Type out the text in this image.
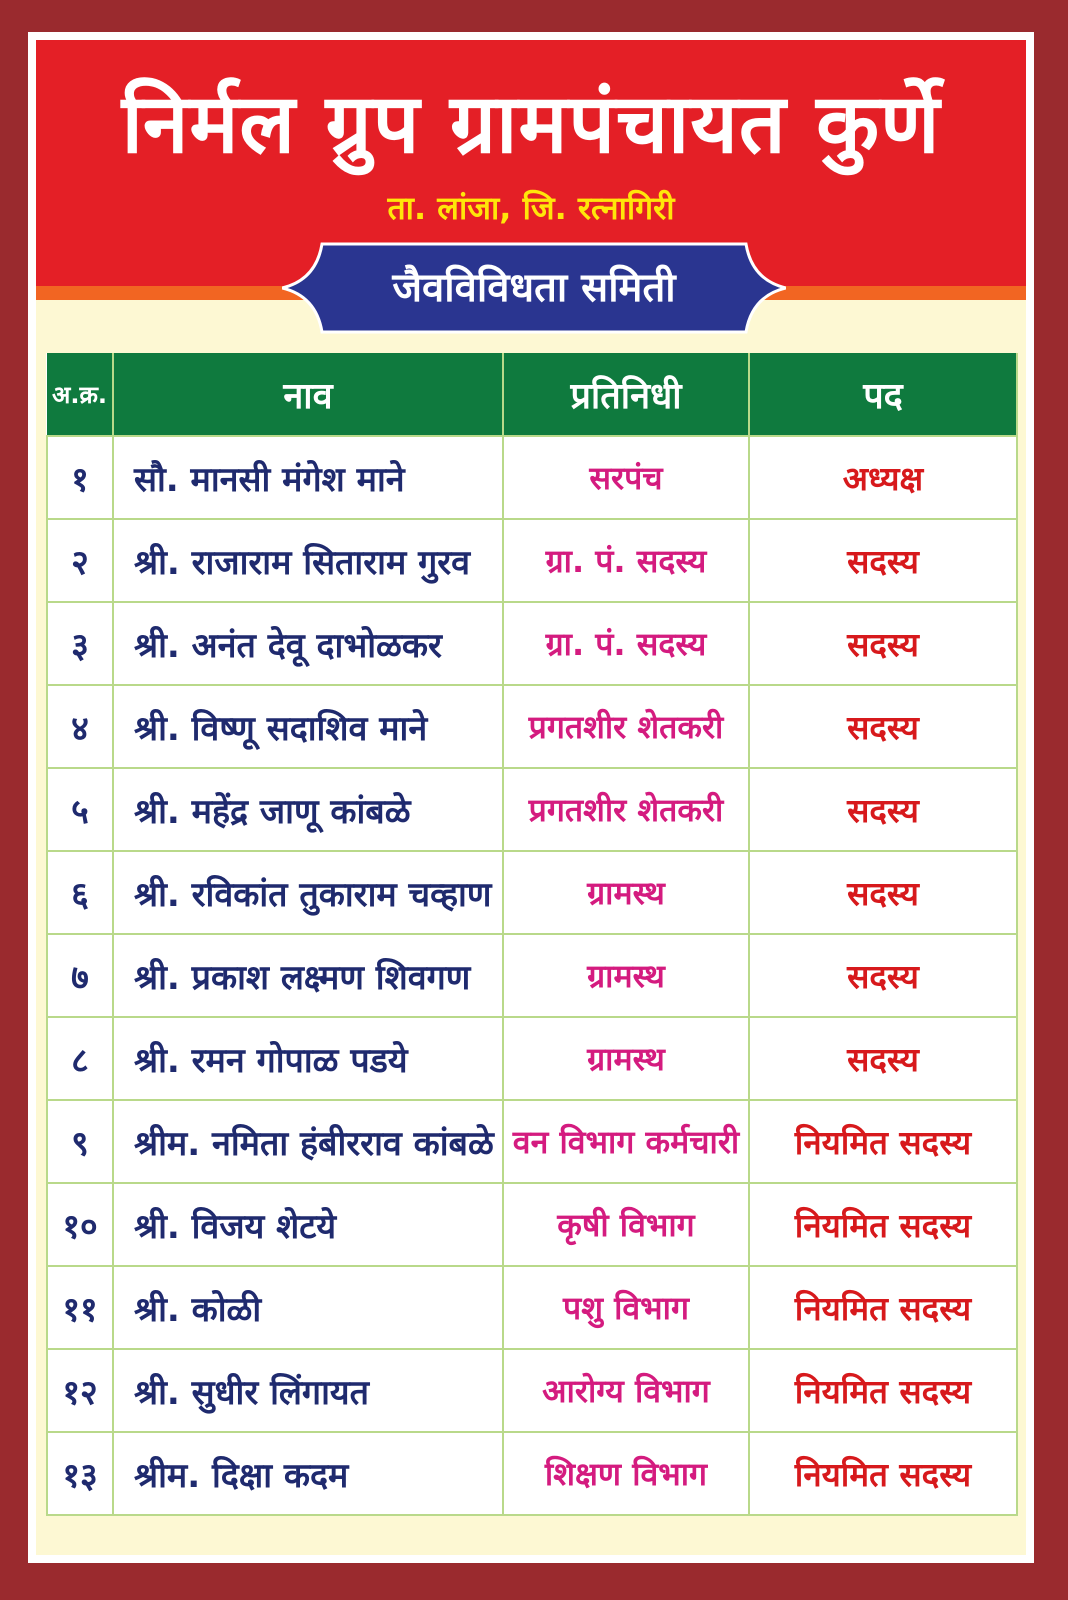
निर्मल ग्रुप ग्रामपंचायत कुर्णे
ता. लांजा, जि. रत्नागिरी
जैवविविधता समिती
अ.क्र.	नाव	प्रतिनिधी	पद
१	सौ. मानसी मंगेश माने	सरपंच	अध्यक्ष
२	श्री. राजाराम सिताराम गुरव	ग्रा. पं. सदस्य	सदस्य
३	श्री. अनंत देवू दाभोळकर	ग्रा. पं. सदस्य	सदस्य
४	श्री. विष्णू सदाशिव माने	प्रगतशीर शेतकरी	सदस्य
५	श्री. महेंद्र जाणू कांबळे	प्रगतशीर शेतकरी	सदस्य
६	श्री. रविकांत तुकाराम चव्हाण	ग्रामस्थ	सदस्य
७	श्री. प्रकाश लक्ष्मण शिवगण	ग्रामस्थ	सदस्य
८	श्री. रमन गोपाळ पडये	ग्रामस्थ	सदस्य
९	श्रीम. नमिता हंबीरराव कांबळे	वन विभाग कर्मचारी	नियमित सदस्य
१०	श्री. विजय शेटये	कृषी विभाग	नियमित सदस्य
११	श्री. कोळी	पशु विभाग	नियमित सदस्य
१२	श्री. सुधीर लिंगायत	आरोग्य विभाग	नियमित सदस्य
१३	श्रीम. दिक्षा कदम	शिक्षण विभाग	नियमित सदस्य
